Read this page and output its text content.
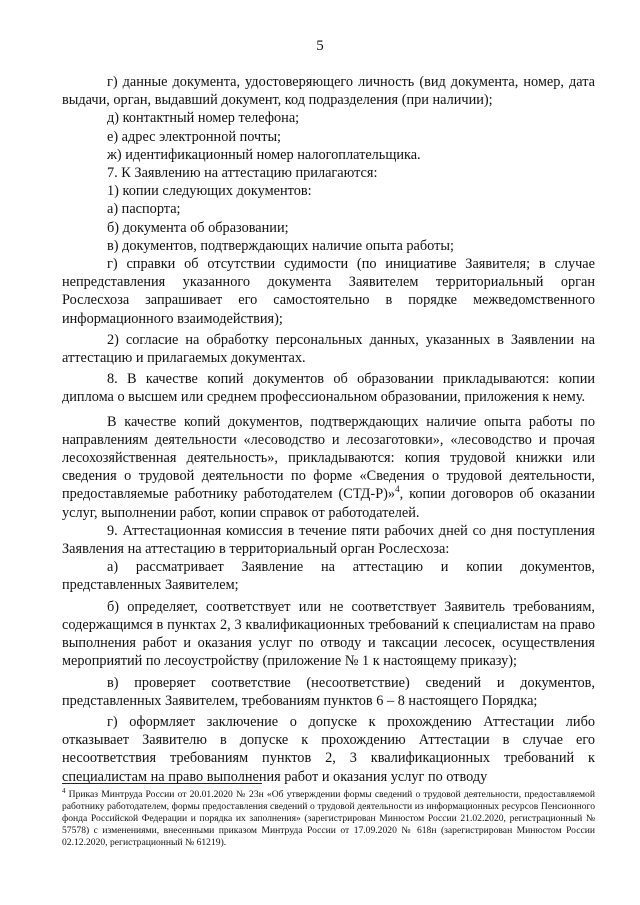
5

г) данные документа, удостоверяющего личность (вид документа, номер, дата выдачи, орган, выдавший документ, код подразделения (при наличии);

д) контактный номер телефона;

е) адрес электронной почты;

ж) идентификационный номер налогоплательщика.

7. К Заявлению на аттестацию прилагаются:

1) копии следующих документов:

а) паспорта;

б) документа об образовании;

в) документов, подтверждающих наличие опыта работы;

г) справки об отсутствии судимости (по инициативе Заявителя; в случае непредставления указанного документа Заявителем территориальный орган Рослесхоза запрашивает его самостоятельно в порядке межведомственного информационного взаимодействия);

2) согласие на обработку персональных данных, указанных в Заявлении на аттестацию и прилагаемых документах.

8. В качестве копий документов об образовании прикладываются: копии диплома о высшем или среднем профессиональном образовании, приложения к нему.

В качестве копий документов, подтверждающих наличие опыта работы по направлениям деятельности «лесоводство и лесозаготовки», «лесоводство и прочая лесохозяйственная деятельность», прикладываются: копия трудовой книжки или сведения о трудовой деятельности по форме «Сведения о трудовой деятельности, предоставляемые работнику работодателем (СТД-Р)»$^4$, копии договоров об оказании услуг, выполнении работ, копии справок от работодателей.

9. Аттестационная комиссия в течение пяти рабочих дней со дня поступления Заявления на аттестацию в территориальный орган Рослесхоза:

а) рассматривает Заявление на аттестацию и копии документов, представленных Заявителем;

б) определяет, соответствует или не соответствует Заявитель требованиям, содержащимся в пунктах 2, 3 квалификационных требований к специалистам на право выполнения работ и оказания услуг по отводу и таксации лесосек, осуществления мероприятий по лесоустройству (приложение № 1 к настоящему приказу);

в) проверяет соответствие (несоответствие) сведений и документов, представленных Заявителем, требованиям пунктов 6 – 8 настоящего Порядка;

г) оформляет заключение о допуске к прохождению Аттестации либо отказывает Заявителю в допуске к прохождению Аттестации в случае его несоответствия требованиям пунктов 2, 3 квалификационных требований к специалистам на право выполнения работ и оказания услуг по отводу

$^4$ Приказ Минтруда России от 20.01.2020 № 23н «Об утверждении формы сведений о трудовой деятельности, предоставляемой работнику работодателем, формы предоставления сведений о трудовой деятельности из информационных ресурсов Пенсионного фонда Российской Федерации и порядка их заполнения» (зарегистрирован Минюстом России 21.02.2020, регистрационный № 57578) с изменениями, внесенными приказом Минтруда России от 17.09.2020 № 618н (зарегистрирован Минюстом России 02.12.2020, регистрационный № 61219).
